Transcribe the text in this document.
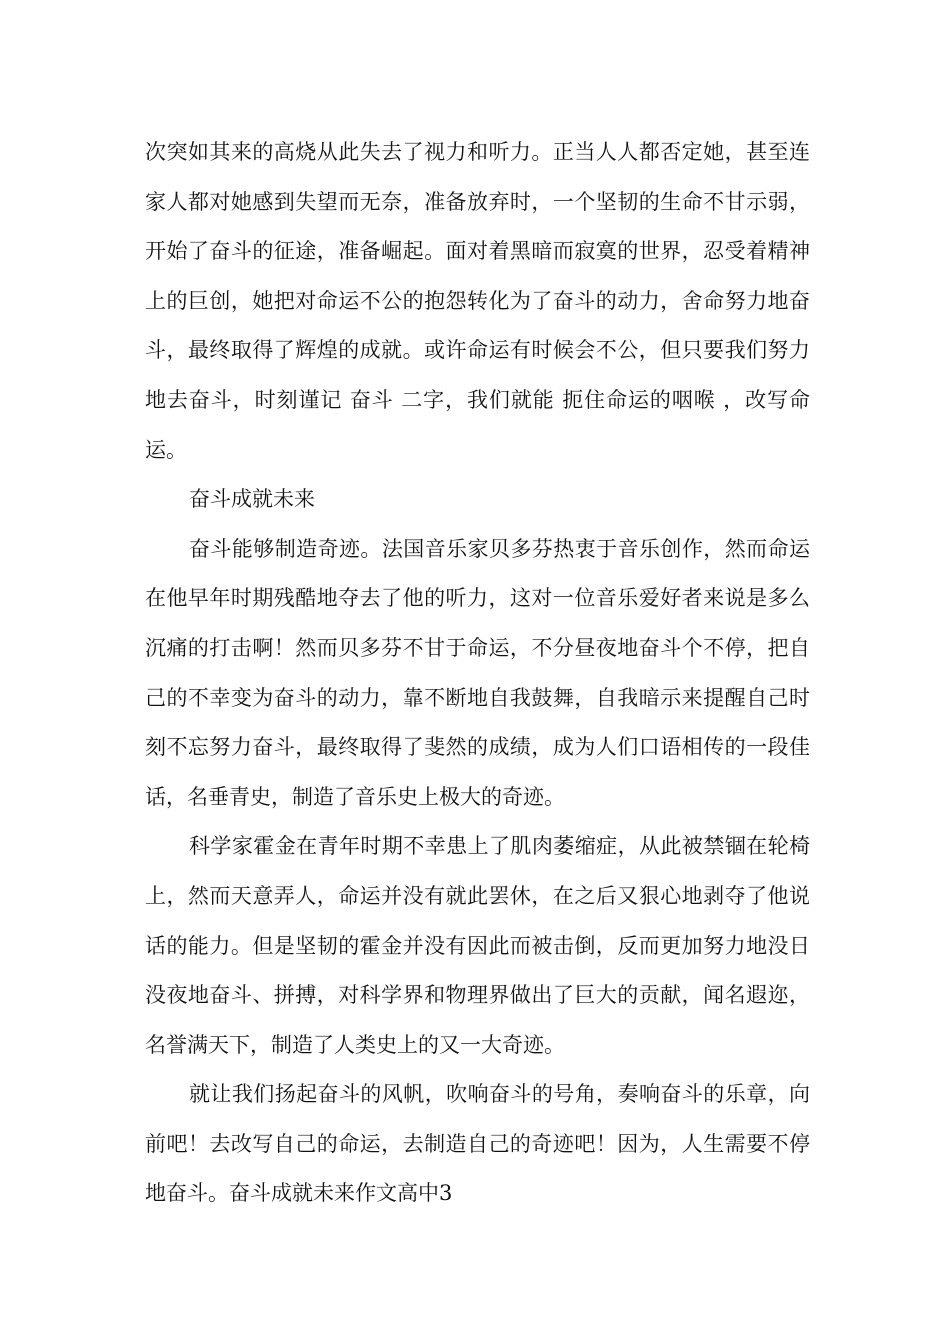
次突如其来的高烧从此失去了视力和听力。正当人人都否定她，甚至连家人都对她感到失望而无奈，准备放弃时，一个坚韧的生命不甘示弱，开始了奋斗的征途，准备崛起。面对着黑暗而寂寞的世界，忍受着精神上的巨创，她把对命运不公的抱怨转化为了奋斗的动力，舍命努力地奋斗，最终取得了辉煌的成就。或许命运有时候会不公，但只要我们努力地去奋斗，时刻谨记 奋斗 二字，我们就能 扼住命运的咽喉 ，改写命运。

奋斗成就未来

奋斗能够制造奇迹。法国音乐家贝多芬热衷于音乐创作，然而命运在他早年时期残酷地夺去了他的听力，这对一位音乐爱好者来说是多么沉痛的打击啊！然而贝多芬不甘于命运，不分昼夜地奋斗个不停，把自己的不幸变为奋斗的动力，靠不断地自我鼓舞，自我暗示来提醒自己时刻不忘努力奋斗，最终取得了斐然的成绩，成为人们口语相传的一段佳话，名垂青史，制造了音乐史上极大的奇迹。

科学家霍金在青年时期不幸患上了肌肉萎缩症，从此被禁锢在轮椅上，然而天意弄人，命运并没有就此罢休，在之后又狠心地剥夺了他说话的能力。但是坚韧的霍金并没有因此而被击倒，反而更加努力地没日没夜地奋斗、拼搏，对科学界和物理界做出了巨大的贡献，闻名遐迩，名誉满天下，制造了人类史上的又一大奇迹。

就让我们扬起奋斗的风帆，吹响奋斗的号角，奏响奋斗的乐章，向前吧！去改写自己的命运，去制造自己的奇迹吧！因为，人生需要不停地奋斗。奋斗成就未来作文高中3
